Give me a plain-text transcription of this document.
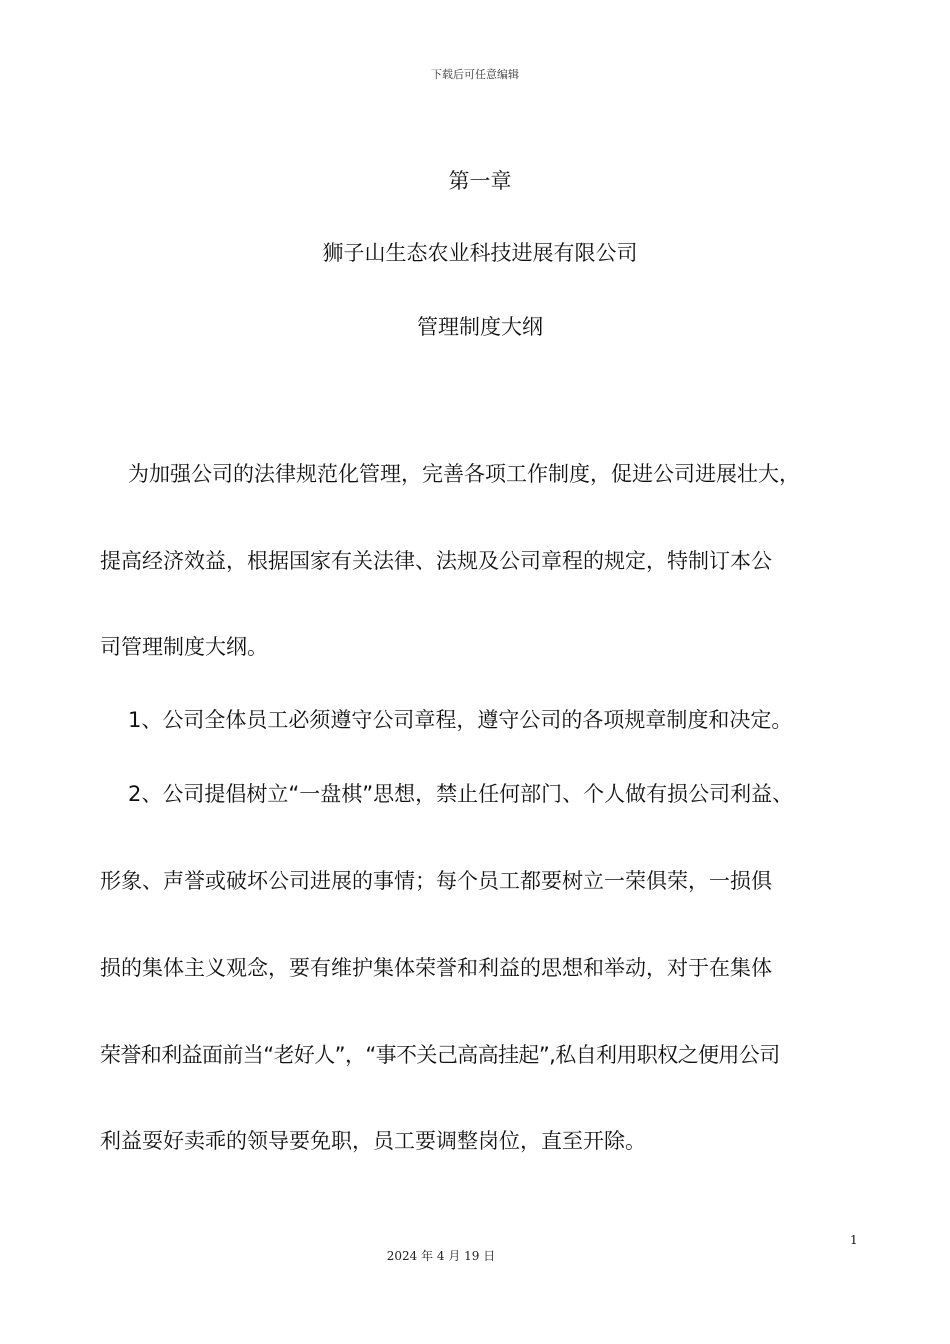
下载后可任意编辑
第一章
狮子山生态农业科技进展有限公司
管理制度大纲
为加强公司的法律规范化管理，完善各项工作制度，促进公司进展壮大，
提高经济效益，根据国家有关法律、法规及公司章程的规定，特制订本公
司管理制度大纲。
1、公司全体员工必须遵守公司章程，遵守公司的各项规章制度和决定。
2、公司提倡树立“一盘棋”思想，禁止任何部门、个人做有损公司利益、
形象、声誉或破坏公司进展的事情；每个员工都要树立一荣俱荣，一损俱
损的集体主义观念，要有维护集体荣誉和利益的思想和举动，对于在集体
荣誉和利益面前当“老好人”，“事不关己高高挂起”,私自利用职权之便用公司
利益耍好卖乖的领导要免职，员工要调整岗位，直至开除。
1
2024 年 4 月 19 日
